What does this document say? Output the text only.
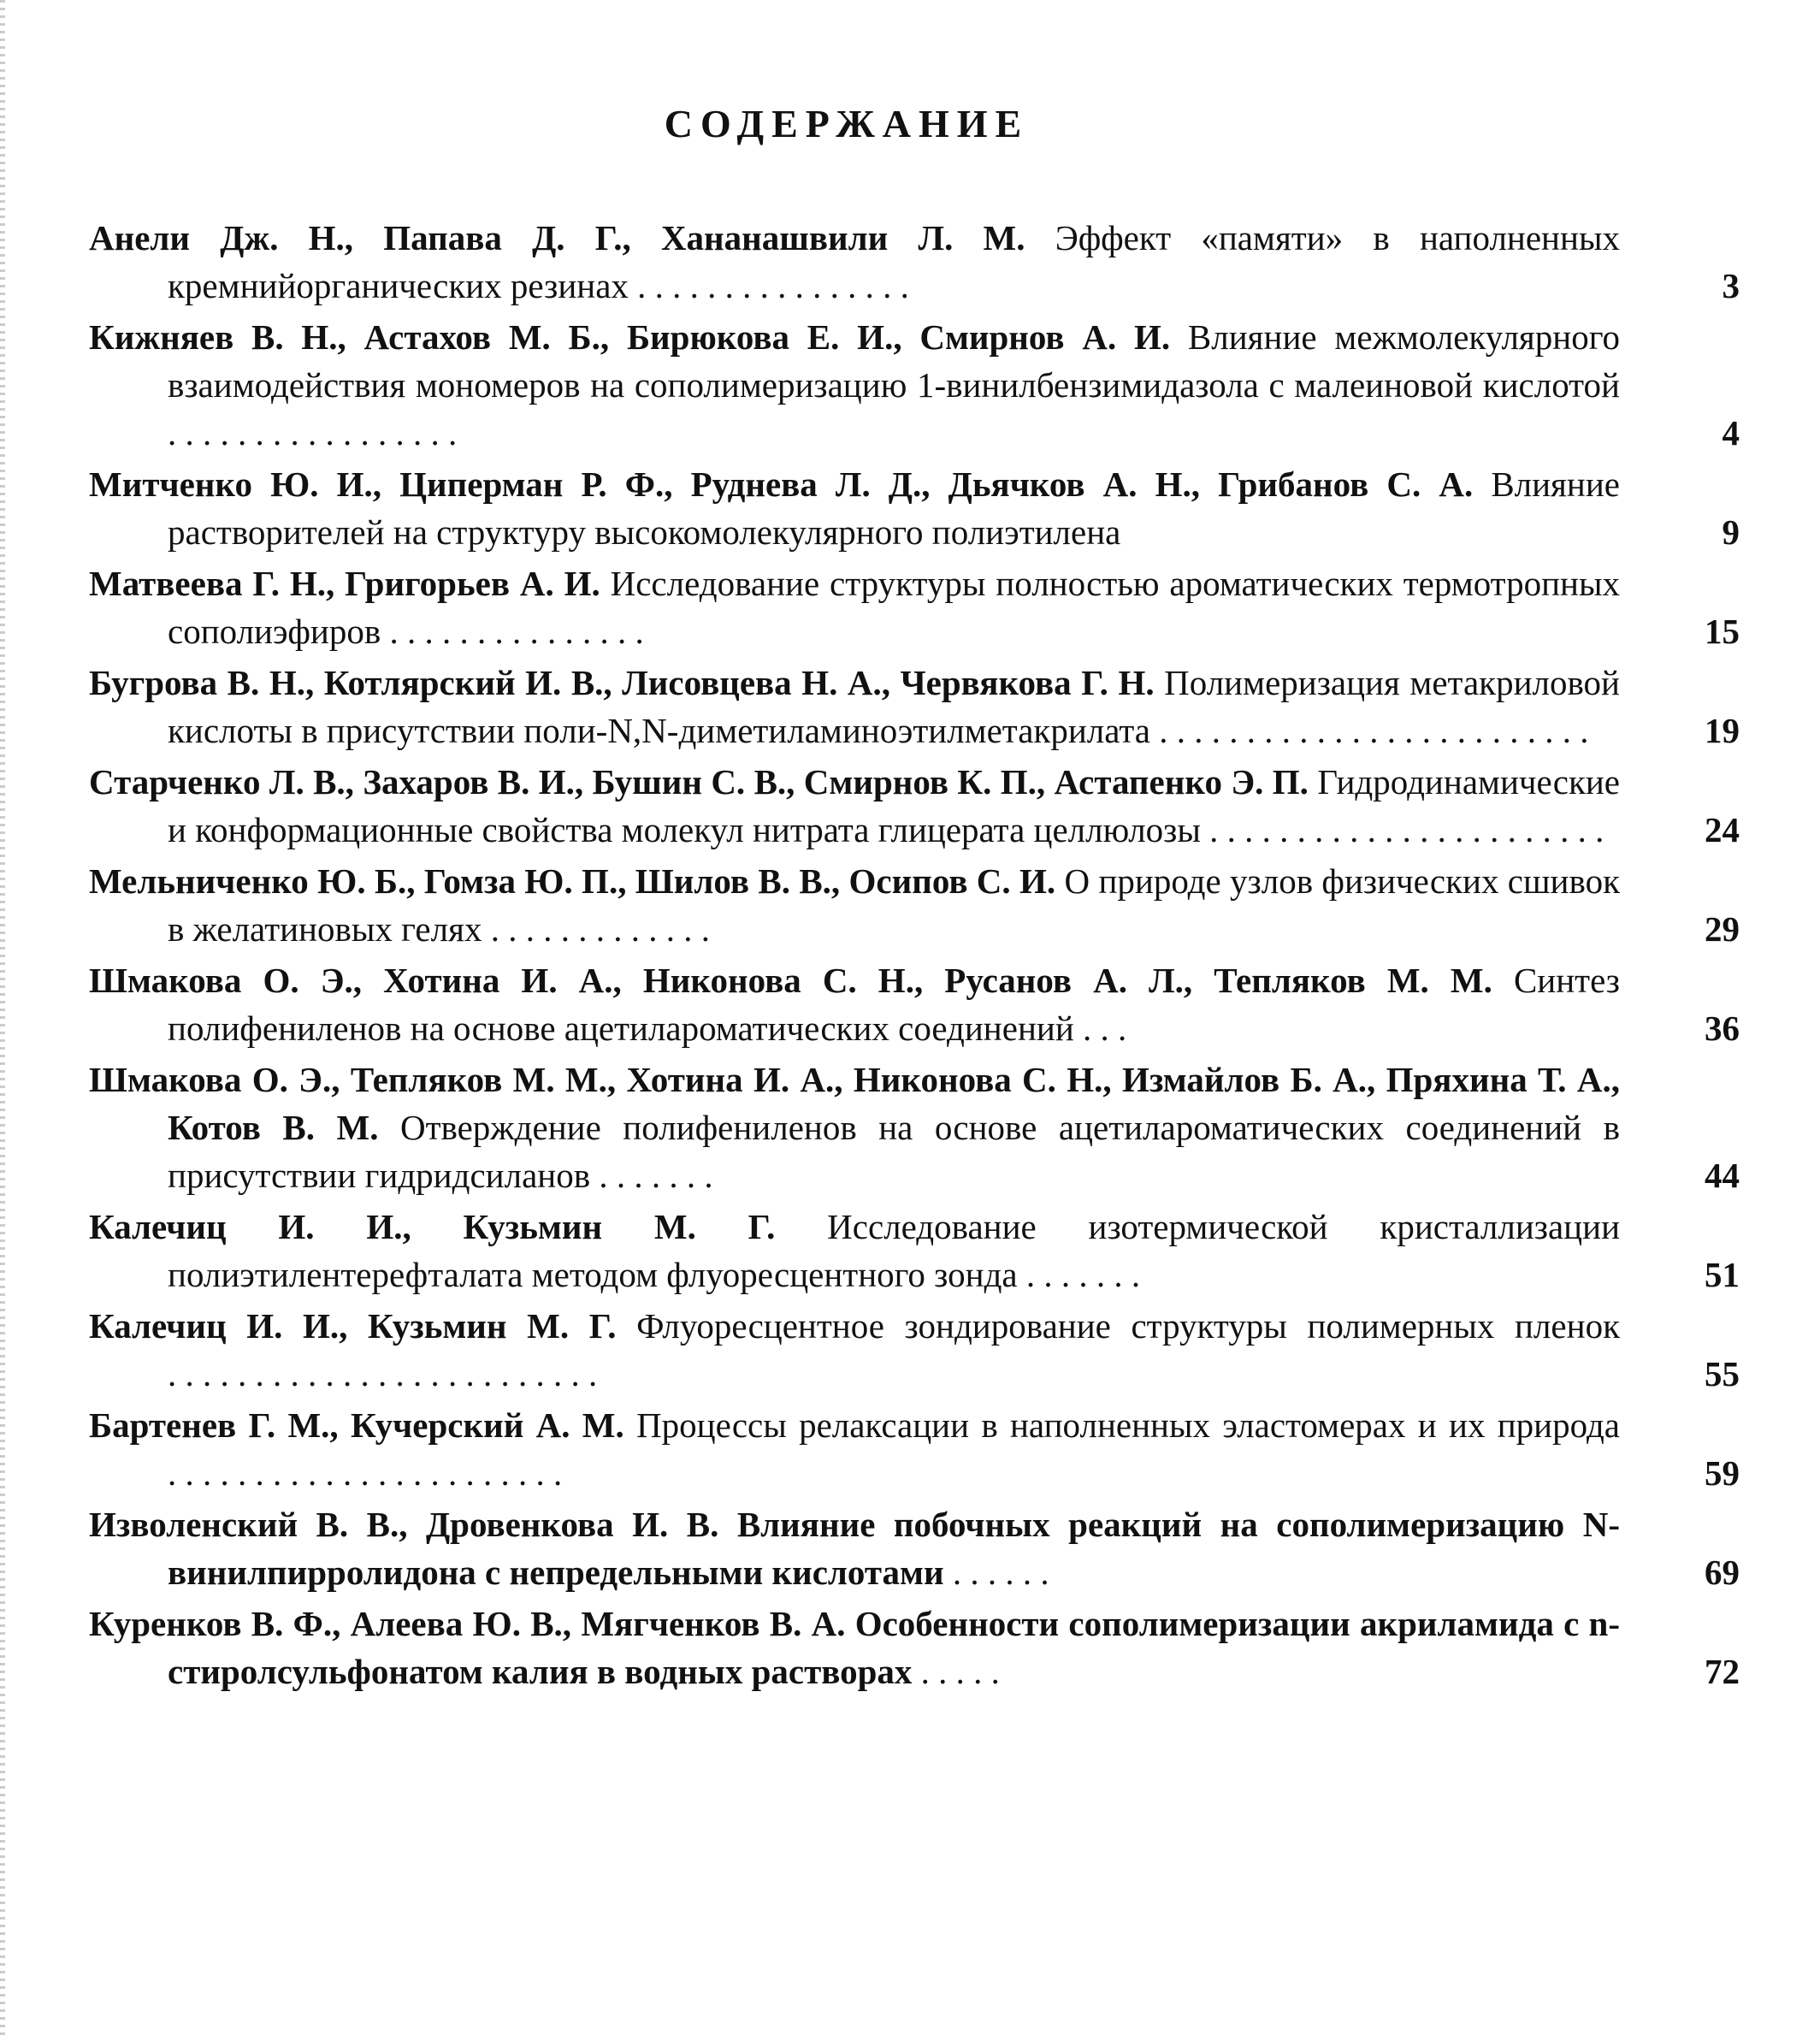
СОДЕРЖАНИЕ
Анели Дж. Н., Папава Д. Г., Хананашвили Л. М. Эффект «памяти» в наполненных кремнийорганических резинах . . . . . . . . . . . . . . . .	3
Кижняев В. Н., Астахов М. Б., Бирюкова Е. И., Смирнов А. И. Влияние межмолекулярного взаимодействия мономеров на сополимеризацию 1-винилбензимидазола с малеиновой кислотой . . . . . . . . . . . . . . . . .	4
Митченко Ю. И., Циперман Р. Ф., Руднева Л. Д., Дьячков А. Н., Грибанов С. А. Влияние растворителей на структуру высокомолекулярного полиэтилена	9
Матвеева Г. Н., Григорьев А. И. Исследование структуры полностью ароматических термотропных сополиэфиров . . . . . . . . . . . . . . .	15
Бугрова В. Н., Котлярский И. В., Лисовцева Н. А., Червякова Г. Н. Полимеризация метакриловой кислоты в присутствии поли-N,N-диметиламиноэтилметакрилата . . . . . . . . . . . . . . . . . . . . . . . . .	19
Старченко Л. В., Захаров В. И., Бушин С. В., Смирнов К. П., Астапенко Э. П. Гидродинамические и конформационные свойства молекул нитрата глицерата целлюлозы . . . . . . . . . . . . . . . . . . . . . . .	24
Мельниченко Ю. Б., Гомза Ю. П., Шилов В. В., Осипов С. И. О природе узлов физических сшивок в желатиновых гелях . . . . . . . . . . . . .	29
Шмакова О. Э., Хотина И. А., Никонова С. Н., Русанов А. Л., Тепляков М. М. Синтез полифениленов на основе ацетилароматических соединений . . .	36
Шмакова О. Э., Тепляков М. М., Хотина И. А., Никонова С. Н., Измайлов Б. А., Пряхина Т. А., Котов В. М. Отверждение полифениленов на основе ацетилароматических соединений в присутствии гидридсиланов . . . . . . .	44
Калечиц И. И., Кузьмин М. Г. Исследование изотермической кристаллизации полиэтилентерефталата методом флуоресцентного зонда . . . . . . .	51
Калечиц И. И., Кузьмин М. Г. Флуоресцентное зондирование структуры полимерных пленок . . . . . . . . . . . . . . . . . . . . . . . . .	55
Бартенев Г. М., Кучерский А. М. Процессы релаксации в наполненных эластомерах и их природа . . . . . . . . . . . . . . . . . . . . . . .	59
Изволенский В. В., Дровенкова И. В. Влияние побочных реакций на сополимеризацию N-винилпирролидона с непредельными кислотами . . . . . .	69
Куренков В. Ф., Алеева Ю. В., Мягченков В. А. Особенности сополимеризации акриламида с n-стиролсульфонатом калия в водных растворах . . . . .	72
